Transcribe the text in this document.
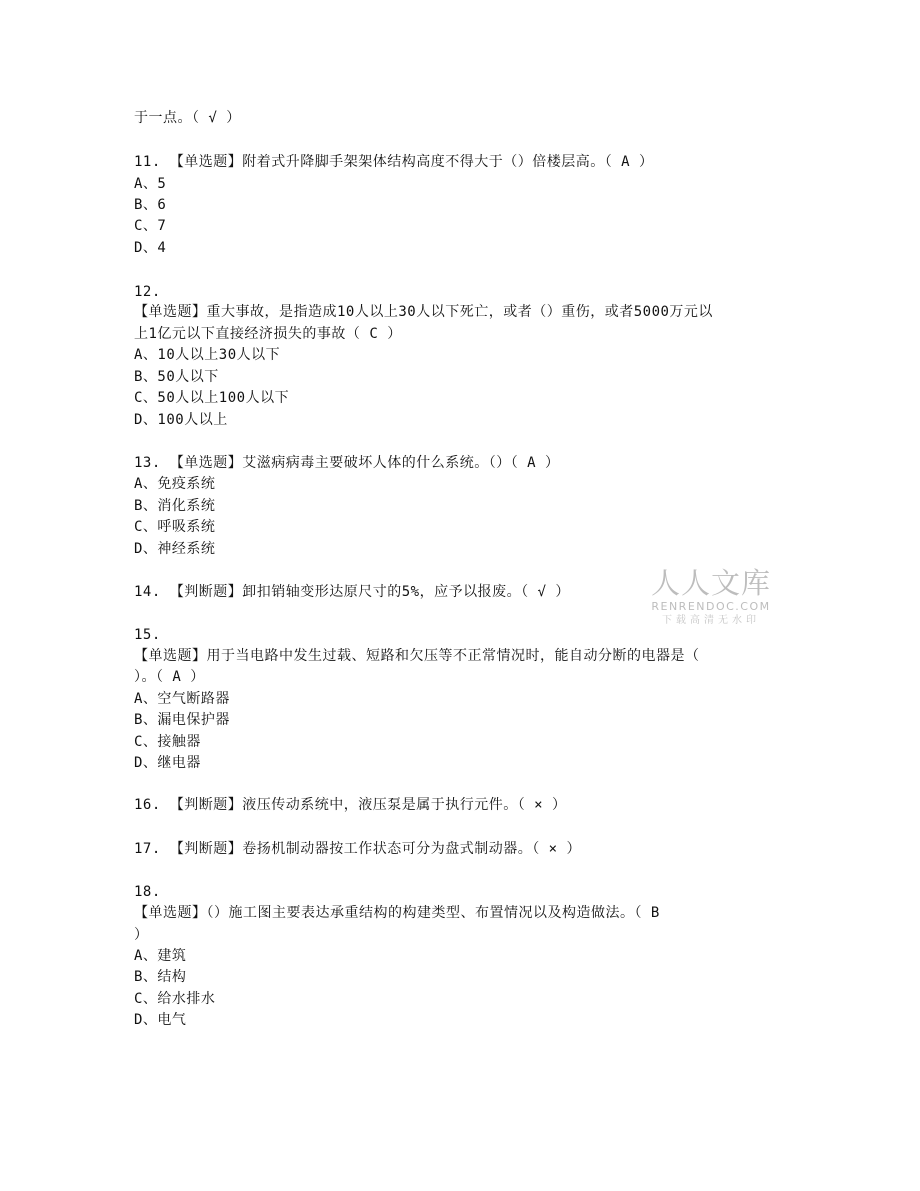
于一点。（ √ ）
11. 【单选题】附着式升降脚手架架体结构高度不得大于（）倍楼层高。（ A ）
A、5
B、6
C、7
D、4
12.
【单选题】重大事故，是指造成10人以上30人以下死亡，或者（）重伤，或者5000万元以
上1亿元以下直接经济损失的事故（ C ）
A、10人以上30人以下
B、50人以下
C、50人以上100人以下
D、100人以上
13. 【单选题】艾滋病病毒主要破坏人体的什么系统。（）（ A ）
A、免疫系统
B、消化系统
C、呼吸系统
D、神经系统
14. 【判断题】卸扣销轴变形达原尺寸的5%，应予以报废。（ √ ）
15.
【单选题】用于当电路中发生过载、短路和欠压等不正常情况时，能自动分断的电器是（
）。（ A ）
A、空气断路器
B、漏电保护器
C、接触器
D、继电器
16. 【判断题】液压传动系统中，液压泵是属于执行元件。（ × ）
17. 【判断题】卷扬机制动器按工作状态可分为盘式制动器。（ × ）
18.
【单选题】（）施工图主要表达承重结构的构建类型、布置情况以及构造做法。（ B
）
A、建筑
B、结构
C、给水排水
D、电气
人人文库
RENRENDOC.COM
下载高清无水印
